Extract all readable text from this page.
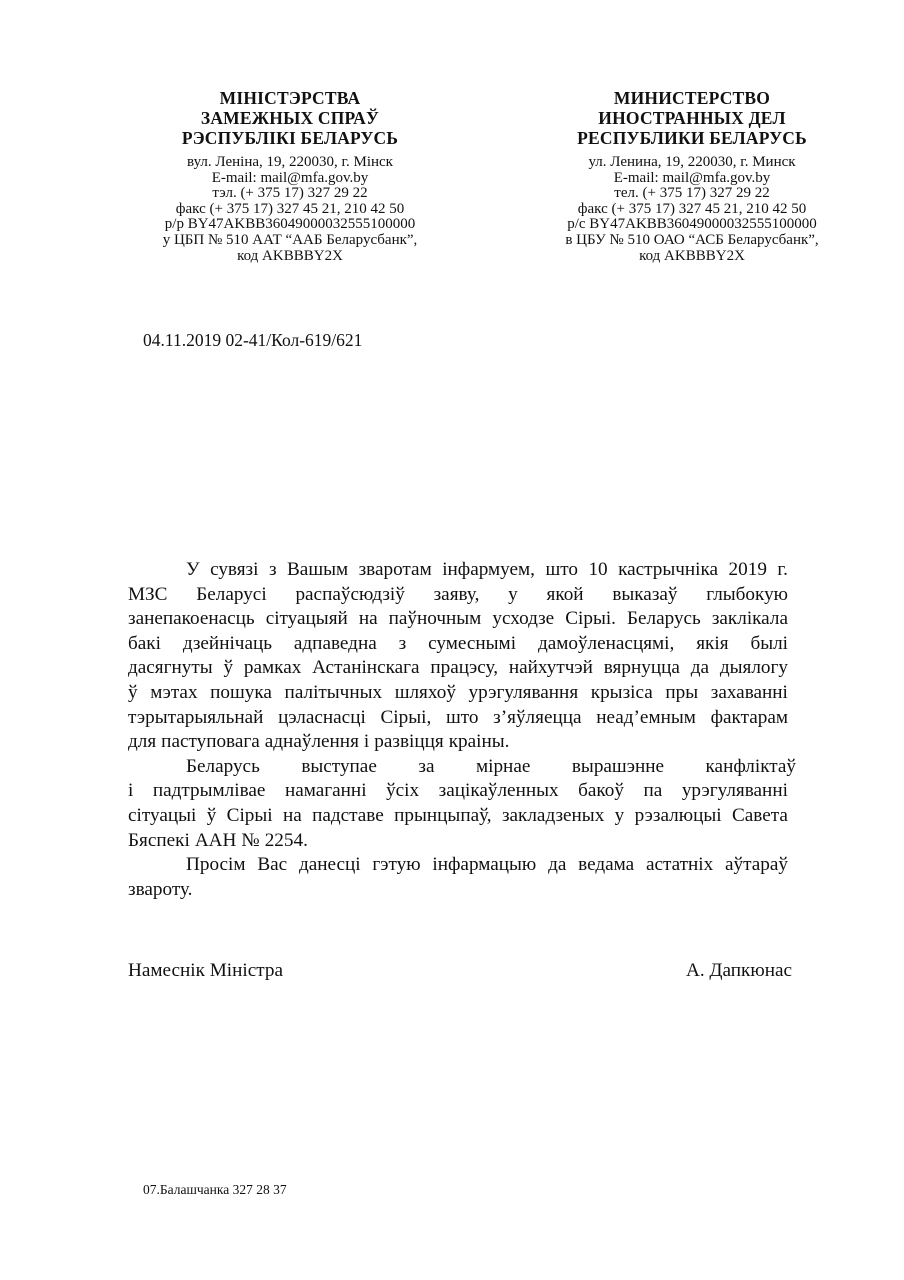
МІНІСТЭРСТВА
ЗАМЕЖНЫХ СПРАЎ
РЭСПУБЛІКІ БЕЛАРУСЬ
вул. Леніна, 19, 220030, г. Мінск
E-mail: mail@mfa.gov.by
тэл. (+ 375 17) 327 29 22
факс (+ 375 17) 327 45 21, 210 42 50
р/р BY47AKBB36049000032555100000
у ЦБП № 510 ААТ “ААБ Беларусбанк”,
код AKBBBY2X
МИНИСТЕРСТВО
ИНОСТРАННЫХ ДЕЛ
РЕСПУБЛИКИ БЕЛАРУСЬ
ул. Ленина, 19, 220030, г. Минск
E-mail: mail@mfa.gov.by
тел. (+ 375 17) 327 29 22
факс (+ 375 17) 327 45 21, 210 42 50
р/с BY47AKBB36049000032555100000
в ЦБУ № 510 ОАО “АСБ Беларусбанк”,
код AKBBBY2X
04.11.2019 02-41/Кол-619/621
У сувязі з Вашым зваротам інфармуем, што 10 кастрычніка 2019 г.
МЗС Беларусі распаўсюдзіў заяву, у якой выказаў глыбокую
занепакоенасць сітуацыяй на паўночным усходзе Сірыі. Беларусь заклікала
бакі дзейнічаць адпаведна з сумеснымі дамоўленасцямі, якія былі
дасягнуты ў рамках Астанінскага працэсу, найхутчэй вярнуцца да дыялогу
ў мэтах пошука палітычных шляхоў урэгулявання крызіса пры захаванні
тэрытарыяльнай цэласнасці Сірыі, што з’яўляецца неад’емным фактарам
для паступовага аднаўлення і развіцця краіны.
Беларусь выступае за мірнае вырашэнне канфліктаў
і падтрымлівае намаганні ўсіх зацікаўленных бакоў па урэгуляванні
сітуацыі ў Сірыі на падставе прынцыпаў, закладзеных у рэзалюцыі Савета
Бяспекі ААН № 2254.
Просім Вас данесці гэтую інфармацыю да ведама астатніх аўтараў
звароту.
Намеснік Міністра	А. Дапкюнас
07.Балашчанка 327 28 37
